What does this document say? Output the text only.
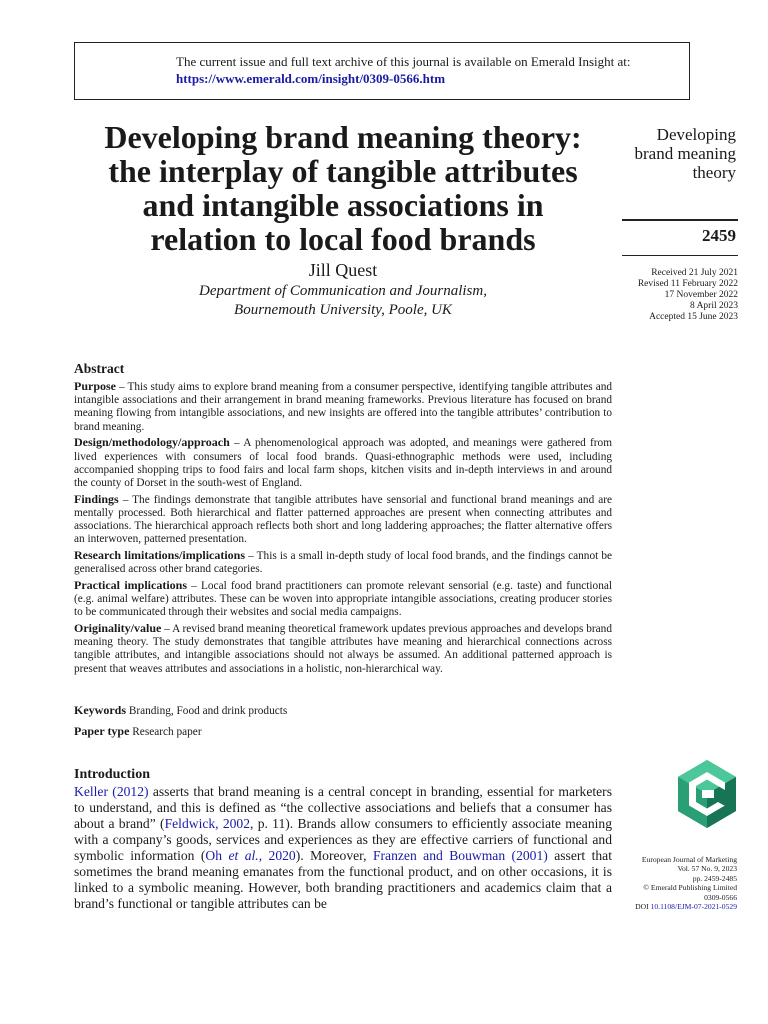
The current issue and full text archive of this journal is available on Emerald Insight at:
https://www.emerald.com/insight/0309-0566.htm
Developing brand meaning theory:
the interplay of tangible attributes
and intangible associations in
relation to local food brands
Jill Quest
Department of Communication and Journalism,
Bournemouth University, Poole, UK
Developing
brand meaning
theory
2459
Received 21 July 2021
Revised 11 February 2022
17 November 2022
8 April 2023
Accepted 15 June 2023
Abstract

Purpose – This study aims to explore brand meaning from a consumer perspective, identifying tangible attributes and intangible associations and their arrangement in brand meaning frameworks. Previous literature has focused on brand meaning flowing from intangible associations, and new insights are offered into the tangible attributes’ contribution to brand meaning.

Design/methodology/approach – A phenomenological approach was adopted, and meanings were gathered from lived experiences with consumers of local food brands. Quasi-ethnographic methods were used, including accompanied shopping trips to food fairs and local farm shops, kitchen visits and in-depth interviews in and around the county of Dorset in the south-west of England.

Findings – The findings demonstrate that tangible attributes have sensorial and functional brand meanings and are mentally processed. Both hierarchical and flatter patterned approaches are present when connecting attributes and associations. The hierarchical approach reflects both short and long laddering approaches; the flatter alternative offers an interwoven, patterned presentation.

Research limitations/implications – This is a small in-depth study of local food brands, and the findings cannot be generalised across other brand categories.

Practical implications – Local food brand practitioners can promote relevant sensorial (e.g. taste) and functional (e.g. animal welfare) attributes. These can be woven into appropriate intangible associations, creating producer stories to be communicated through their websites and social media campaigns.

Originality/value – A revised brand meaning theoretical framework updates previous approaches and develops brand meaning theory. The study demonstrates that tangible attributes have meaning and hierarchical connections across tangible attributes, and intangible associations should not always be assumed. An additional patterned approach is present that weaves attributes and associations in a holistic, non-hierarchical way.

Keywords Branding, Food and drink products
Paper type Research paper
Introduction

Keller (2012) asserts that brand meaning is a central concept in branding, essential for marketers to understand, and this is defined as “the collective associations and beliefs that a consumer has about a brand” (Feldwick, 2002, p. 11). Brands allow consumers to efficiently associate meaning with a company’s goods, services and experiences as they are effective carriers of functional and symbolic information (Oh et al., 2020). Moreover, Franzen and Bouwman (2001) assert that sometimes the brand meaning emanates from the functional product, and on other occasions, it is linked to a symbolic meaning. However, both branding practitioners and academics claim that a brand’s functional or tangible attributes can be

European Journal of Marketing
Vol. 57 No. 9, 2023
pp. 2459-2485
© Emerald Publishing Limited
0309-0566
DOI 10.1108/EJM-07-2021-0529
